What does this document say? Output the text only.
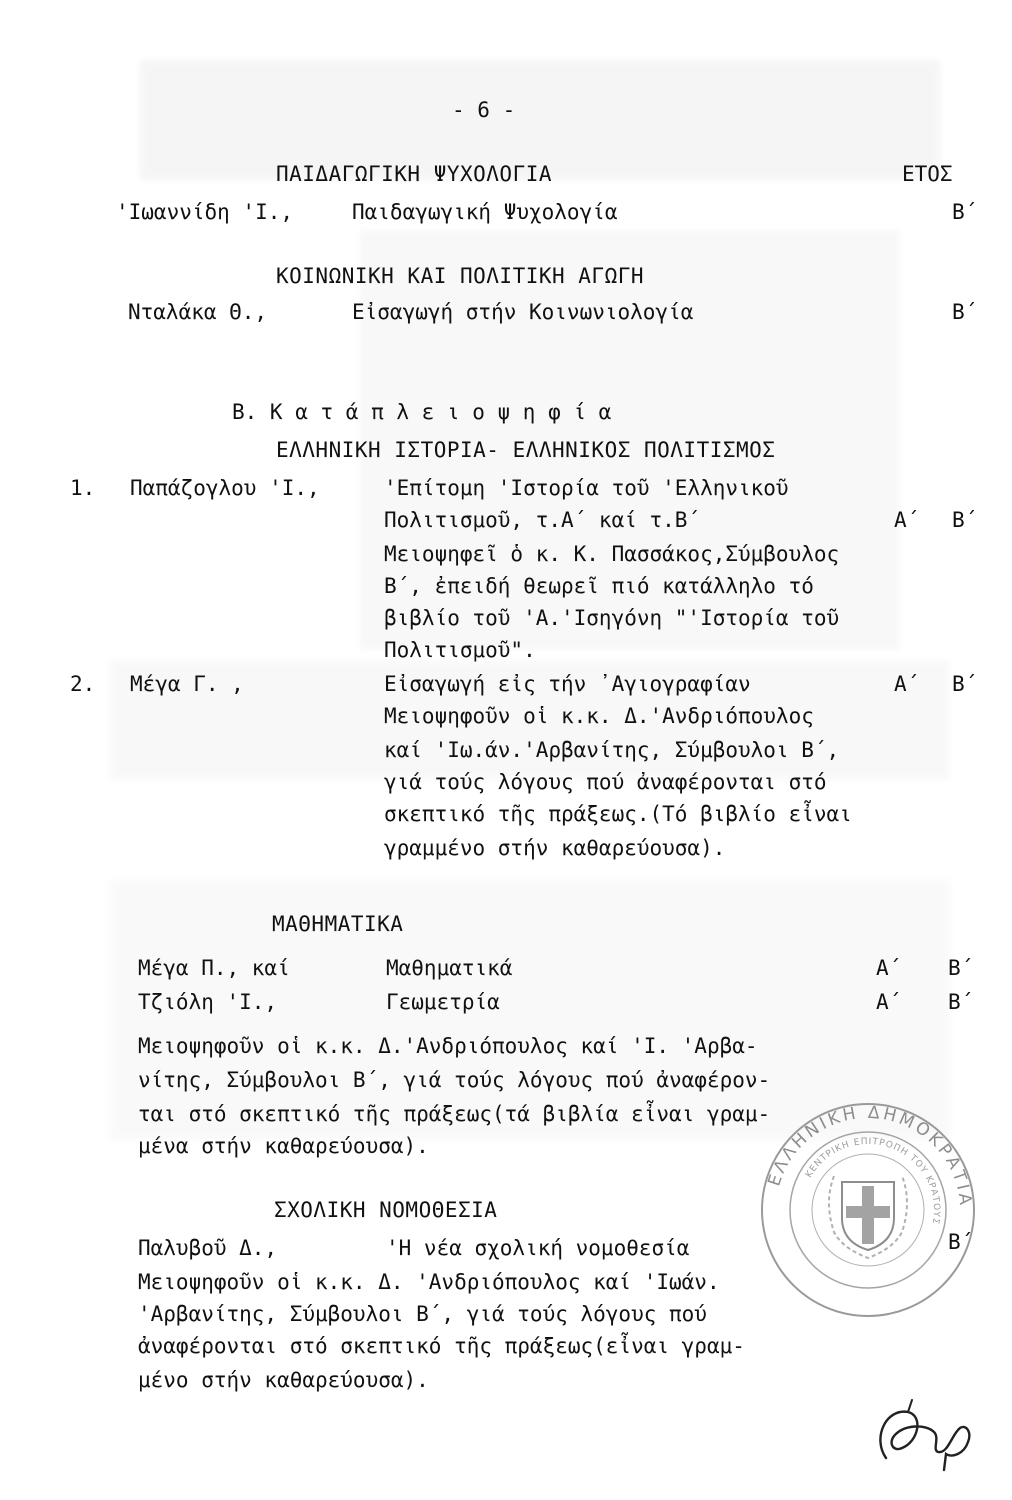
- 6 -
ΠΑΙΔΑΓΩΓΙΚΗ ΨΥΧΟΛΟΓΙΑ	ΕΤΟΣ
'Ιωαννίδη 'Ι.,	Παιδαγωγική Ψυχολογία	Β΄
ΚΟΙΝΩΝΙΚΗ ΚΑΙ ΠΟΛΙΤΙΚΗ ΑΓΩΓΗ
Νταλάκα Θ.,	Εἰσαγωγή στήν Κοινωνιολογία	Β΄
Β. Κ α τ ά π λ ε ι ο ψ η φ ί α
ΕΛΛΗΝΙΚΗ ΙΣΤΟΡΙΑ- ΕΛΛΗΝΙΚΟΣ ΠΟΛΙΤΙΣΜΟΣ
1. Παπάζογλου 'Ι.,	'Επίτομη 'Ιστορία τοῦ 'Ελληνικοῦ
Πολιτισμοῦ, τ.Α΄ καί τ.Β΄	Α΄ Β΄
Μειοψηφεῖ ὁ κ. Κ. Πασσάκος,Σύμβουλος
Β΄, ἐπειδή θεωρεῖ πιό κατάλληλο τό
βιβλίο τοῦ 'Α.'Ισηγόνη "'Ιστορία τοῦ
Πολιτισμοῦ".
2. Μέγα Γ. ,	Εἰσαγωγή εἰς τήν ᾿Αγιογραφίαν	Α΄ Β΄
Μειοψηφοῦν οἱ κ.κ. Δ.'Ανδριόπουλος
καί 'Ιω.άν.'Αρβανίτης, Σύμβουλοι Β΄,
γιά τούς λόγους πού ἀναφέρονται στό
σκεπτικό τῆς πράξεως.(Τό βιβλίο εἶναι
γραμμένο στήν καθαρεύουσα).
ΜΑΘΗΜΑΤΙΚΑ
Μέγα Π., καί	Μαθηματικά	Α΄ Β΄
Τζιόλη 'Ι.,	Γεωμετρία	Α΄ Β΄
Μειοψηφοῦν οἱ κ.κ. Δ.'Ανδριόπουλος καί 'Ι. 'Αρβα-
νίτης, Σύμβουλοι Β΄, γιά τούς λόγους πού ἀναφέρον-
ται στό σκεπτικό τῆς πράξεως(τά βιβλία εἶναι γραμ-
μένα στήν καθαρεύουσα).
ΣΧΟΛΙΚΗ ΝΟΜΟΘΕΣΙΑ
Παλυβοῦ Δ.,	'Η νέα σχολική νομοθεσία	Β΄
Μειοψηφοῦν οἱ κ.κ. Δ. 'Ανδριόπουλος καί 'Ιωάν.
'Αρβανίτης, Σύμβουλοι Β΄, γιά τούς λόγους πού
ἀναφέρονται στό σκεπτικό τῆς πράξεως(εἶναι γραμ-
μένο στήν καθαρεύουσα).
ΕΛΛΗΝΙΚΗ ΔΗΜΟΚΡΑΤΙΑ
ΚΕΝΤΡΙΚΗ ΕΠΙΤΡΟΠΗ ΤΟΥ ΚΡΑΤΟΥΣ
